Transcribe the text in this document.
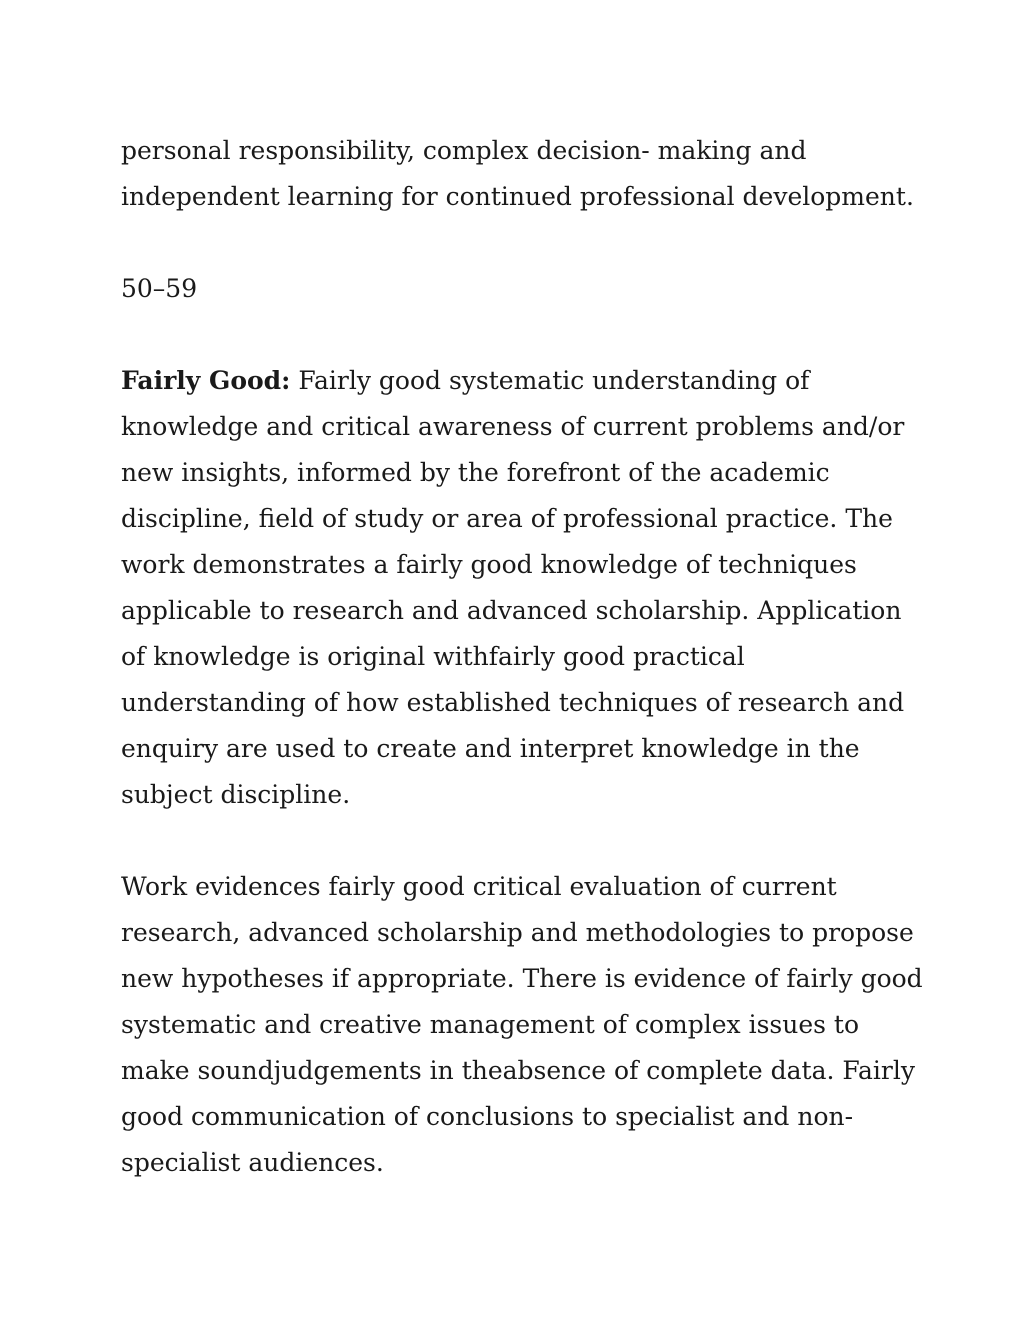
personal responsibility, complex decision- making and
independent learning for continued professional development.

50–59

Fairly Good: Fairly good systematic understanding of
knowledge and critical awareness of current problems and/or
new insights, informed by the forefront of the academic
discipline, field of study or area of professional practice. The
work demonstrates a fairly good knowledge of techniques
applicable to research and advanced scholarship. Application
of knowledge is original withfairly good practical
understanding of how established techniques of research and
enquiry are used to create and interpret knowledge in the
subject discipline.

Work evidences fairly good critical evaluation of current
research, advanced scholarship and methodologies to propose
new hypotheses if appropriate. There is evidence of fairly good
systematic and creative management of complex issues to
make soundjudgements in theabsence of complete data. Fairly
good communication of conclusions to specialist and non-
specialist audiences.
